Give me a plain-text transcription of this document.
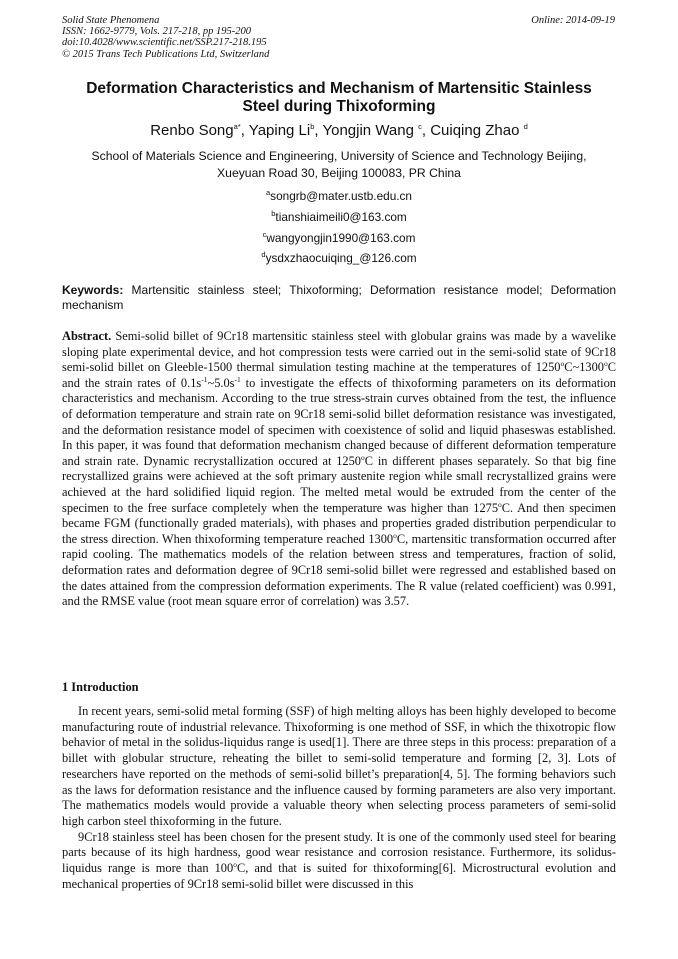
Solid State Phenomena
ISSN: 1662-9779, Vols. 217-218, pp 195-200
doi:10.4028/www.scientific.net/SSP.217-218.195
© 2015 Trans Tech Publications Ltd, Switzerland
Online: 2014-09-19
Deformation Characteristics and Mechanism of Martensitic Stainless
Steel during Thixoforming
Renbo Song$^{a*}$, Yaping Li$^b$, Yongjin Wang $^c$, Cuiqing Zhao $^d$
School of Materials Science and Engineering, University of Science and Technology Beijing,
Xueyuan Road 30, Beijing 100083, PR China
$^a$songrb@mater.ustb.edu.cn
$^b$tianshiaimeili0@163.com
$^c$wangyongjin1990@163.com
$^d$ysdxzhaocuiqing_@126.com
Keywords: Martensitic stainless steel; Thixoforming; Deformation resistance model; Deformation mechanism
Abstract. Semi-solid billet of 9Cr18 martensitic stainless steel with globular grains was made by a wavelike sloping plate experimental device, and hot compression tests were carried out in the semi-solid state of 9Cr18 semi-solid billet on Gleeble-1500 thermal simulation testing machine at the temperatures of 1250$^o$C~1300$^o$C and the strain rates of $0.1s^{-1}\sim 5.0s^{-1}$ to investigate the effects of thixoforming parameters on its deformation characteristics and mechanism. According to the true stress-strain curves obtained from the test, the influence of deformation temperature and strain rate on 9Cr18 semi-solid billet deformation resistance was investigated, and the deformation resistance model of specimen with coexistence of solid and liquid phaseswas established. In this paper, it was found that deformation mechanism changed because of different deformation temperature and strain rate. Dynamic recrystallization occured at 1250$^o$C in different phases separately. So that big fine recrystallized grains were achieved at the soft primary austenite region while small recrystallized grains were achieved at the hard solidified liquid region. The melted metal would be extruded from the center of the specimen to the free surface completely when the temperature was higher than 1275$^o$C. And then specimen became FGM (functionally graded materials), with phases and properties graded distribution perpendicular to the stress direction. When thixoforming temperature reached 1300$^o$C, martensitic transformation occurred after rapid cooling. The mathematics models of the relation between stress and temperatures, fraction of solid, deformation rates and deformation degree of 9Cr18 semi-solid billet were regressed and established based on the dates attained from the compression deformation experiments. The R value (related coefficient) was 0.991, and the RMSE value (root mean square error of correlation) was 3.57.
1 Introduction

In recent years, semi-solid metal forming (SSF) of high melting alloys has been highly developed to become manufacturing route of industrial relevance. Thixoforming is one method of SSF, in which the thixotropic flow behavior of metal in the solidus-liquidus range is used[1]. There are three steps in this process: preparation of a billet with globular structure, reheating the billet to semi-solid temperature and forming [2, 3]. Lots of researchers have reported on the methods of semi-solid billet’s preparation[4, 5]. The forming behaviors such as the laws for deformation resistance and the influence caused by forming parameters are also very important. The mathematics models would provide a valuable theory when selecting process parameters of semi-solid high carbon steel thixoforming in the future.

9Cr18 stainless steel has been chosen for the present study. It is one of the commonly used steel for bearing parts because of its high hardness, good wear resistance and corrosion resistance. Furthermore, its solidus-liquidus range is more than 100$^o$C, and that is suited for thixoforming[6]. Microstructural evolution and mechanical properties of 9Cr18 semi-solid billet were discussed in this
